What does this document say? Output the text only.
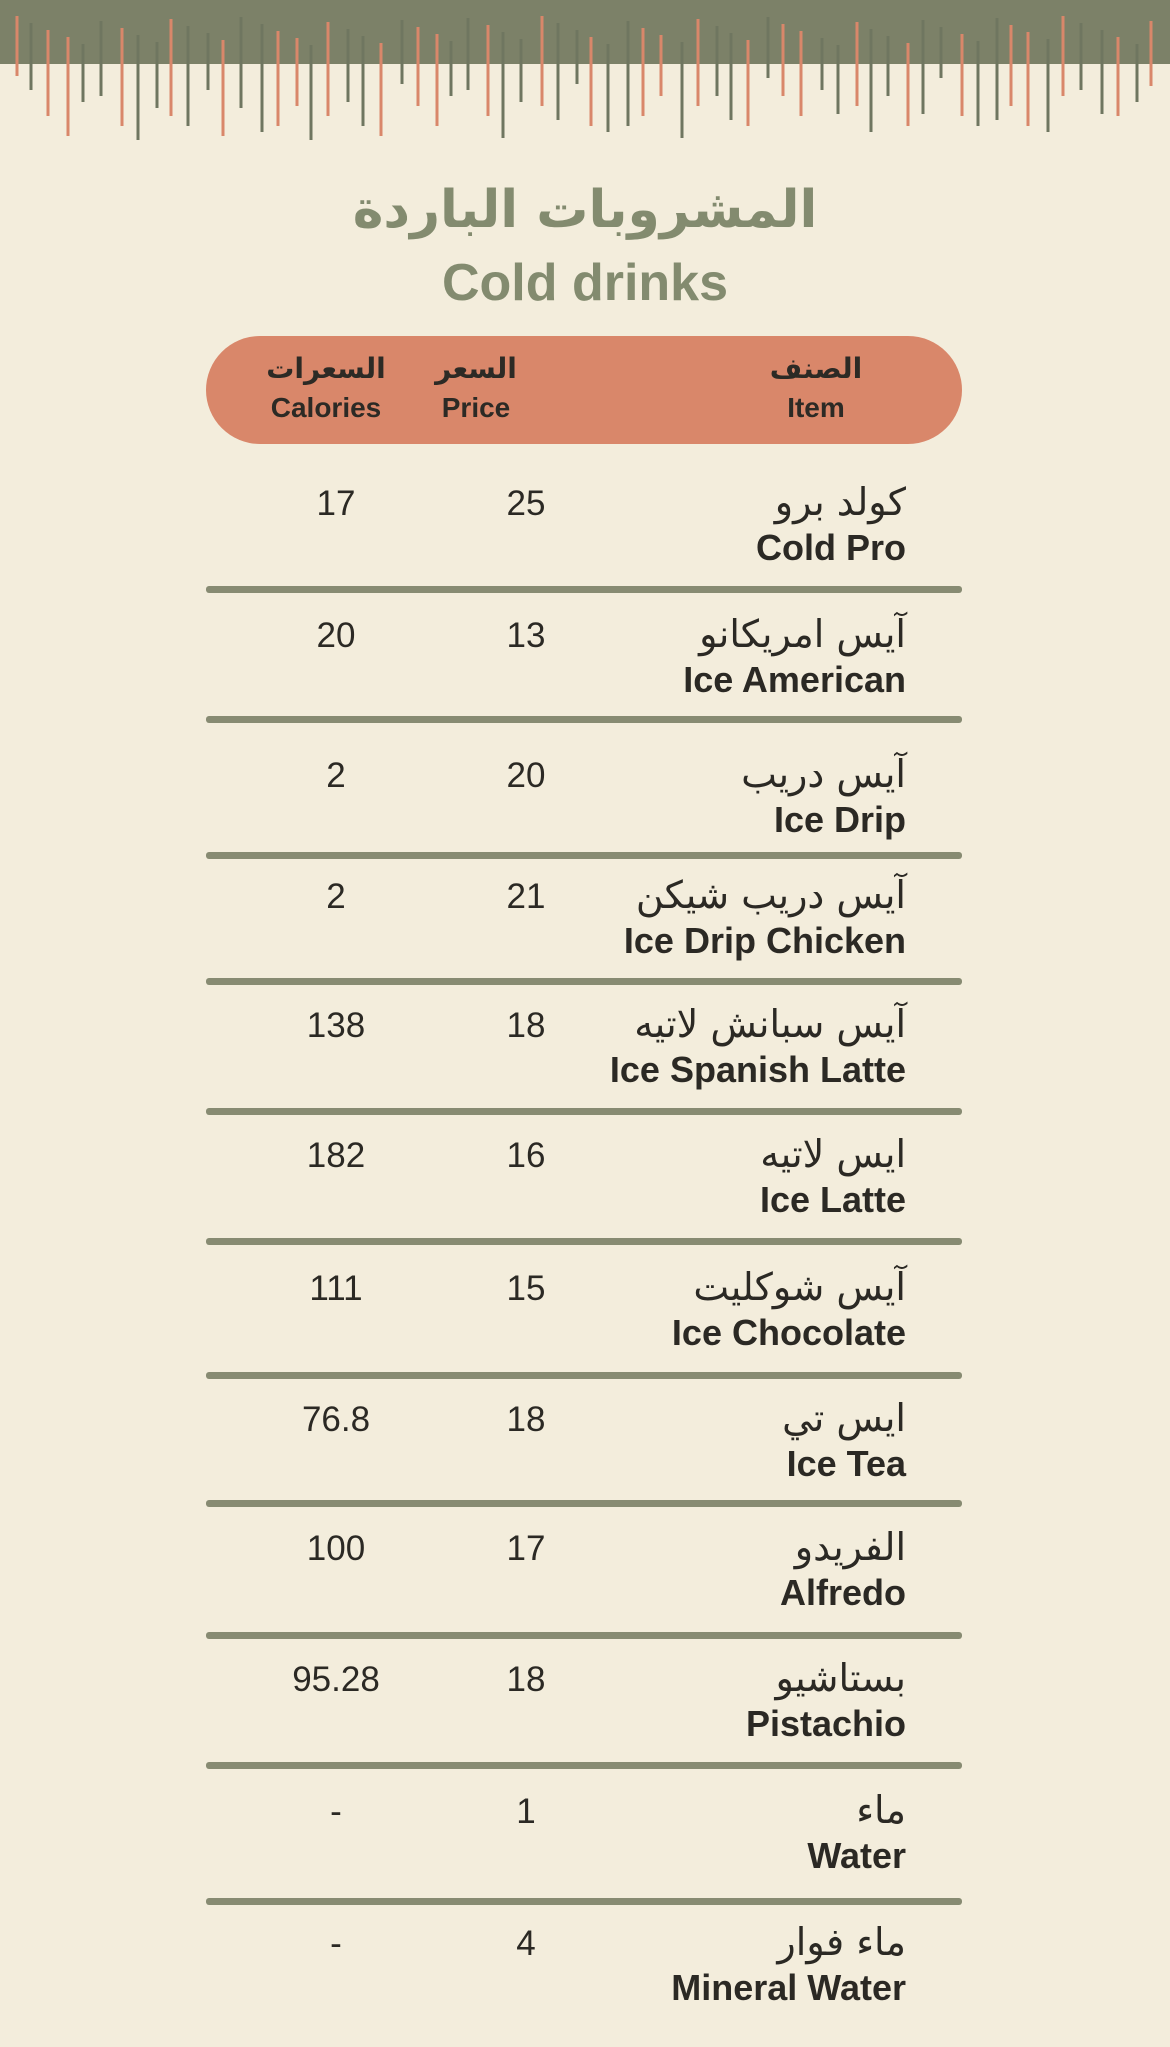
المشروبات الباردة
Cold drinks
الصنف
Item
السعر
Price
السعرات
Calories
كولد برو
Cold Pro
25
17
آيس امريكانو
Ice American
13
20
آيس دريب
Ice Drip
20
2
آيس دريب شيكن
Ice Drip Chicken
21
2
آيس سبانش لاتيه
Ice Spanish Latte
18
138
ايس لاتيه
Ice Latte
16
182
آيس شوكليت
Ice Chocolate
15
111
ايس تي
Ice Tea
18
76.8
الفريدو
Alfredo
17
100
بستاشيو
Pistachio
18
95.28
ماء
Water
1
-
ماء فوار
Mineral Water
4
-
